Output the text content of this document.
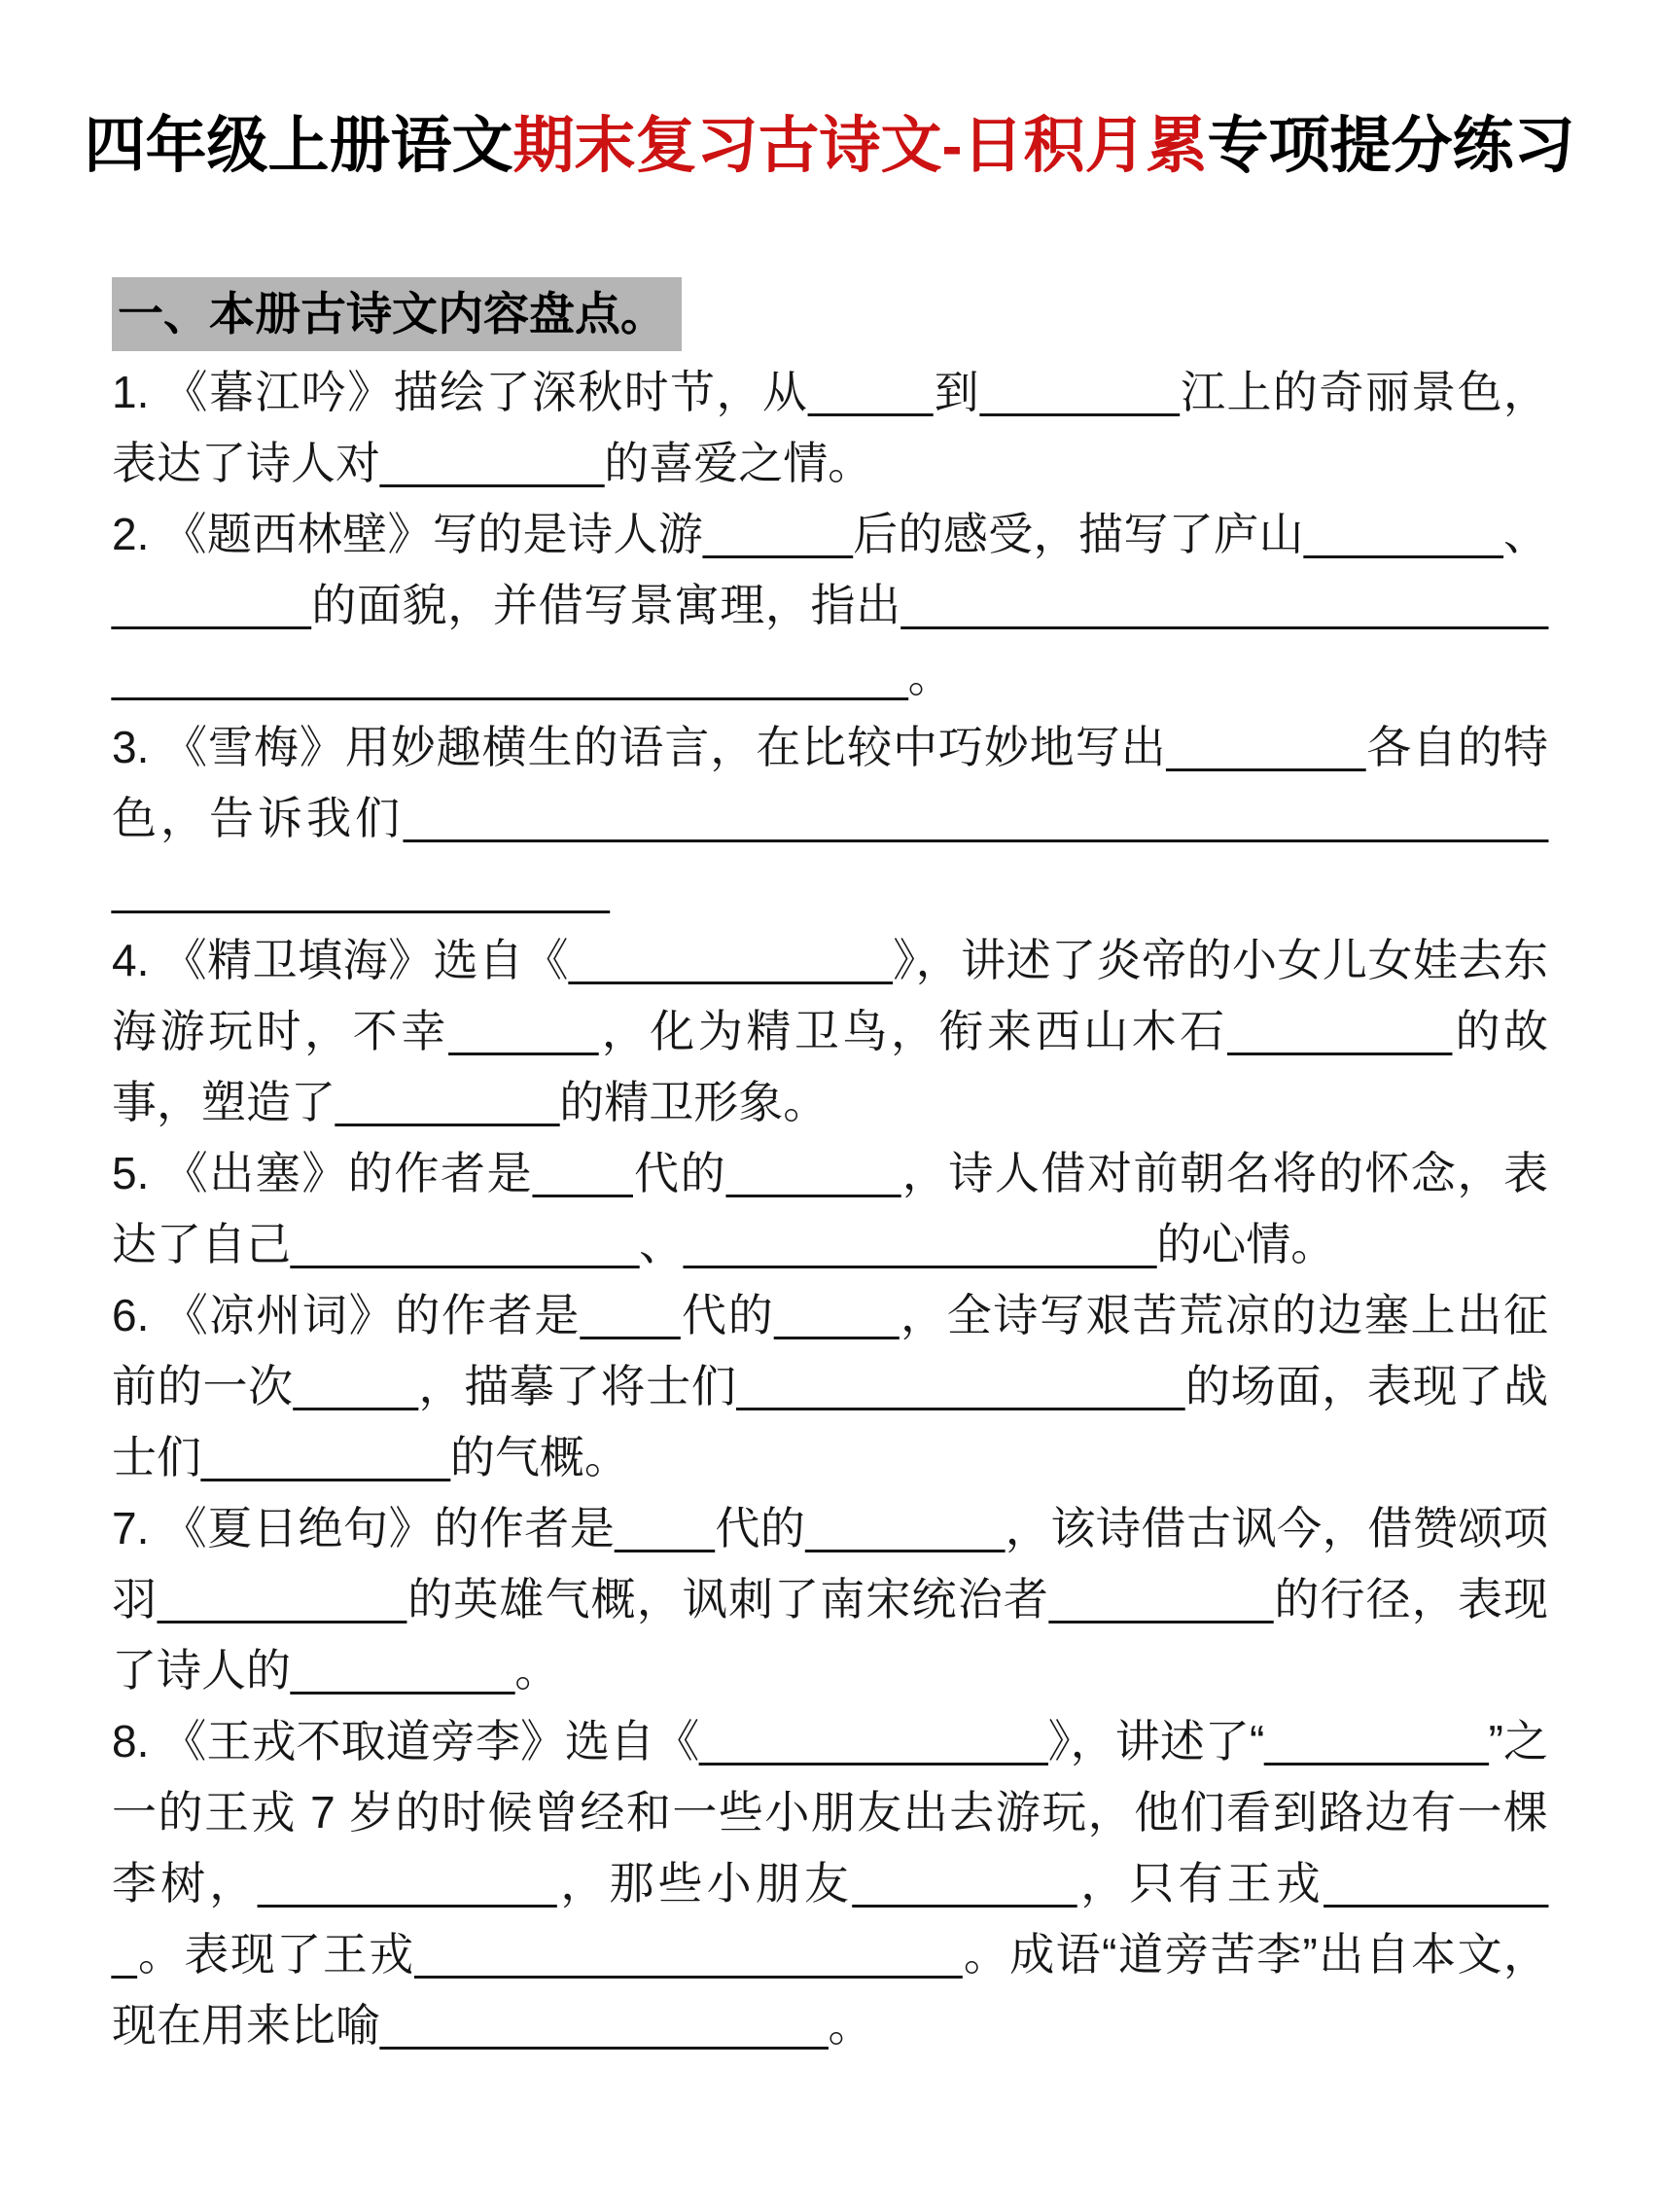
四年级上册语文期末复习古诗文-日积月累专项提分练习
一、本册古诗文内容盘点。

1. 《暮江吟》描绘了深秋时节，从_____到________江上的奇丽景色，表达了诗人对_________的喜爱之情。

2. 《题西林壁》写的是诗人游______后的感受，描写了庐山________、________的面貌，并借写景寓理，指出__________________________________________________________。

3. 《雪梅》用妙趣横生的语言，在比较中巧妙地写出________各自的特色，告诉我们__________________________________________________________________

4. 《精卫填海》选自《_____________》，讲述了炎帝的小女儿女娃去东海游玩时，不幸______，化为精卫鸟，衔来西山木石_________的故事，塑造了_________的精卫形象。

5. 《出塞》的作者是____代的_______，诗人借对前朝名将的怀念，表达了自己______________、___________________的心情。

6. 《凉州词》的作者是____代的_____，全诗写艰苦荒凉的边塞上出征前的一次_____，描摹了将士们__________________的场面，表现了战士们__________的气概。

7. 《夏日绝句》的作者是____代的________，该诗借古讽今，借赞颂项羽__________的英雄气概，讽刺了南宋统治者_________的行径，表现了诗人的_________。

8. 《王戎不取道旁李》选自《______________》，讲述了“_________”之一的王戎 7 岁的时候曾经和一些小朋友出去游玩，他们看到路边有一棵李树，____________，那些小朋友_________，只有王戎__________。表现了王戎______________________。成语“道旁苦李”出自本文，现在用来比喻__________________。
